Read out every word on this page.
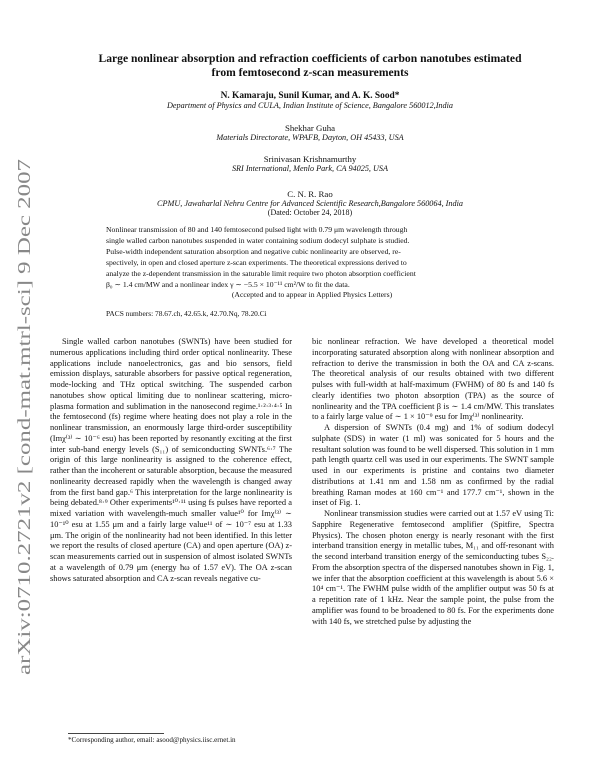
arXiv:0710.2721v2 [cond-mat.mtrl-sci] 9 Dec 2007
Large nonlinear absorption and refraction coefficients of carbon nanotubes estimated
from femtosecond z-scan measurements
N. Kamaraju, Sunil Kumar, and A. K. Sood*
Department of Physics and CULA, Indian Institute of Science, Bangalore 560012,India
Shekhar Guha
Materials Directorate, WPAFB, Dayton, OH 45433, USA
Srinivasan Krishnamurthy
SRI International, Menlo Park, CA 94025, USA
C. N. R. Rao
CPMU, Jawaharlal Nehru Centre for Advanced Scientific Research,Bangalore 560064, India
(Dated: October 24, 2018)
Nonlinear transmission of 80 and 140 femtosecond pulsed light with 0.79 μm wavelength through
single walled carbon nanotubes suspended in water containing sodium dodecyl sulphate is studied.
Pulse-width independent saturation absorption and negative cubic nonlinearity are observed, re-
spectively, in open and closed aperture z-scan experiments. The theoretical expressions derived to
analyze the z-dependent transmission in the saturable limit require two photon absorption coefficient
β₀ ∼ 1.4 cm/MW and a nonlinear index γ ∼ −5.5 × 10⁻¹¹ cm²/W to fit the data.
(Accepted and to appear in Applied Physics Letters)
PACS numbers: 78.67.ch, 42.65.k, 42.70.Nq, 78.20.Ci

Single walled carbon nanotubes (SWNTs) have been studied for numerous applications including third order optical nonlinearity. These applications include nanoelectronics, gas and bio sensors, field emission displays, saturable absorbers for passive optical regeneration, mode-locking and THz optical switching. The suspended carbon nanotubes show optical limiting due to nonlinear scattering, micro-plasma formation and sublimation in the nanosecond regime.¹·²·³·⁴·⁵ In the femtosecond (fs) regime where heating does not play a role in the nonlinear transmission, an enormously large third-order susceptibility (Imχ⁽³⁾ ∼ 10⁻⁶ esu) has been reported by resonantly exciting at the first inter sub-band energy levels (S₁₁) of semiconducting SWNTs.⁶·⁷ The origin of this large nonlinearity is assigned to the coherence effect, rather than the incoherent or saturable absorption, because the measured nonlinearity decreased rapidly when the wavelength is changed away from the first band gap.⁶ This interpretation for the large nonlinearity is being debated.⁸·⁹ Other experiments¹⁰·¹¹ using fs pulses have reported a mixed variation with wavelength-much smaller value¹⁰ for Imχ⁽³⁾ ∼ 10⁻¹⁰ esu at 1.55 μm and a fairly large value¹¹ of ∼ 10⁻⁷ esu at 1.33 μm. The origin of the nonlinearity had not been identified. In this letter we report the results of closed aperture (CA) and open aperture (OA) z-scan measurements carried out in suspension of almost isolated SWNTs at a wavelength of 0.79 μm (energy ħω of 1.57 eV). The OA z-scan shows saturated absorption and CA z-scan reveals negative cu-

bic nonlinear refraction. We have developed a theoretical model incorporating saturated absorption along with nonlinear absorption and refraction to derive the transmission in both the OA and CA z-scans. The theoretical analysis of our results obtained with two different pulses with full-width at half-maximum (FWHM) of 80 fs and 140 fs clearly identifies two photon absorption (TPA) as the source of nonlinearity and the TPA coefficient β is ∼ 1.4 cm/MW. This translates to a fairly large value of ∼ 1 × 10⁻⁹ esu for Imχ⁽³⁾ nonlinearity.

A dispersion of SWNTs (0.4 mg) and 1% of sodium dodecyl sulphate (SDS) in water (1 ml) was sonicated for 5 hours and the resultant solution was found to be well dispersed. This solution in 1 mm path length quartz cell was used in our experiments. The SWNT sample used in our experiments is pristine and contains two diameter distributions at 1.41 nm and 1.58 nm as confirmed by the radial breathing Raman modes at 160 cm⁻¹ and 177.7 cm⁻¹, shown in the inset of Fig. 1.

Nonlinear transmission studies were carried out at 1.57 eV using Ti: Sapphire Regenerative femtosecond amplifier (Spitfire, Spectra Physics). The chosen photon energy is nearly resonant with the first interband transition energy in metallic tubes, M₁₁ and off-resonant with the second interband transition energy of the semiconducting tubes S₂₂. From the absorption spectra of the dispersed nanotubes shown in Fig. 1, we infer that the absorption coefficient at this wavelength is about 5.6 × 10⁴ cm⁻¹. The FWHM pulse width of the amplifier output was 50 fs at a repetition rate of 1 kHz. Near the sample point, the pulse from the amplifier was found to be broadened to 80 fs. For the experiments done with 140 fs, we stretched pulse by adjusting the

*Corresponding author, email: asood@physics.iisc.ernet.in
